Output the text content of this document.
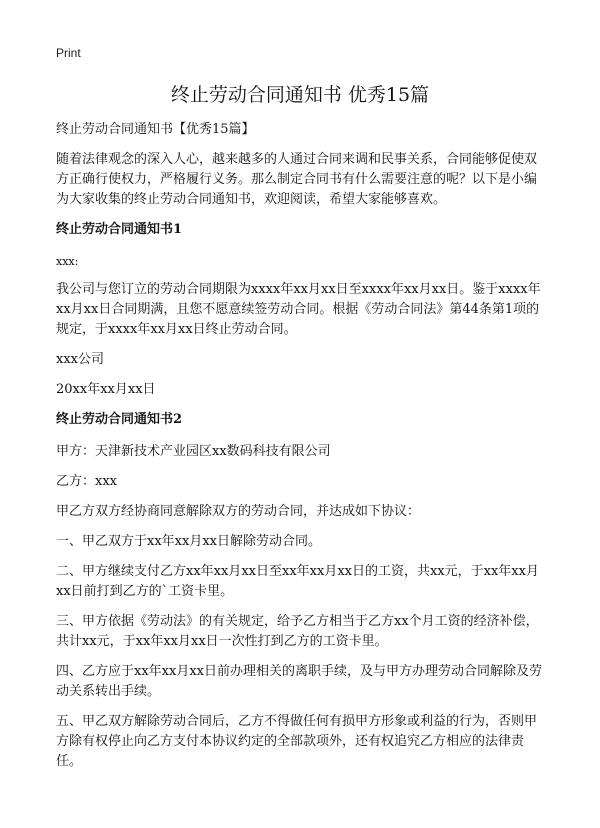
Print
终止劳动合同通知书 优秀15篇

终止劳动合同通知书【优秀15篇】

随着法律观念的深入人心，越来越多的人通过合同来调和民事关系，合同能够促使双方正确行使权力，严格履行义务。那么制定合同书有什么需要注意的呢？以下是小编为大家收集的终止劳动合同通知书，欢迎阅读，希望大家能够喜欢。

终止劳动合同通知书1

xxx:

我公司与您订立的劳动合同期限为xxxx年xx月xx日至xxxx年xx月xx日。鉴于xxxx年xx月xx日合同期满，且您不愿意续签劳动合同。根据《劳动合同法》第44条第1项的规定，于xxxx年xx月xx日终止劳动合同。

xxx公司

20xx年xx月xx日

终止劳动合同通知书2

甲方：天津新技术产业园区xx数码科技有限公司

乙方：xxx

甲乙方双方经协商同意解除双方的劳动合同，并达成如下协议：

一、甲乙双方于xx年xx月xx日解除劳动合同。

二、甲方继续支付乙方xx年xx月xx日至xx年xx月xx日的工资，共xx元，于xx年xx月xx日前打到乙方的`工资卡里。

三、甲方依据《劳动法》的有关规定，给予乙方相当于乙方xx个月工资的经济补偿，共计xx元，于xx年xx月xx日一次性打到乙方的工资卡里。

四、乙方应于xx年xx月xx日前办理相关的离职手续，及与甲方办理劳动合同解除及劳动关系转出手续。

五、甲乙双方解除劳动合同后，乙方不得做任何有损甲方形象或利益的行为，否则甲方除有权停止向乙方支付本协议约定的全部款项外，还有权追究乙方相应的法律责任。
